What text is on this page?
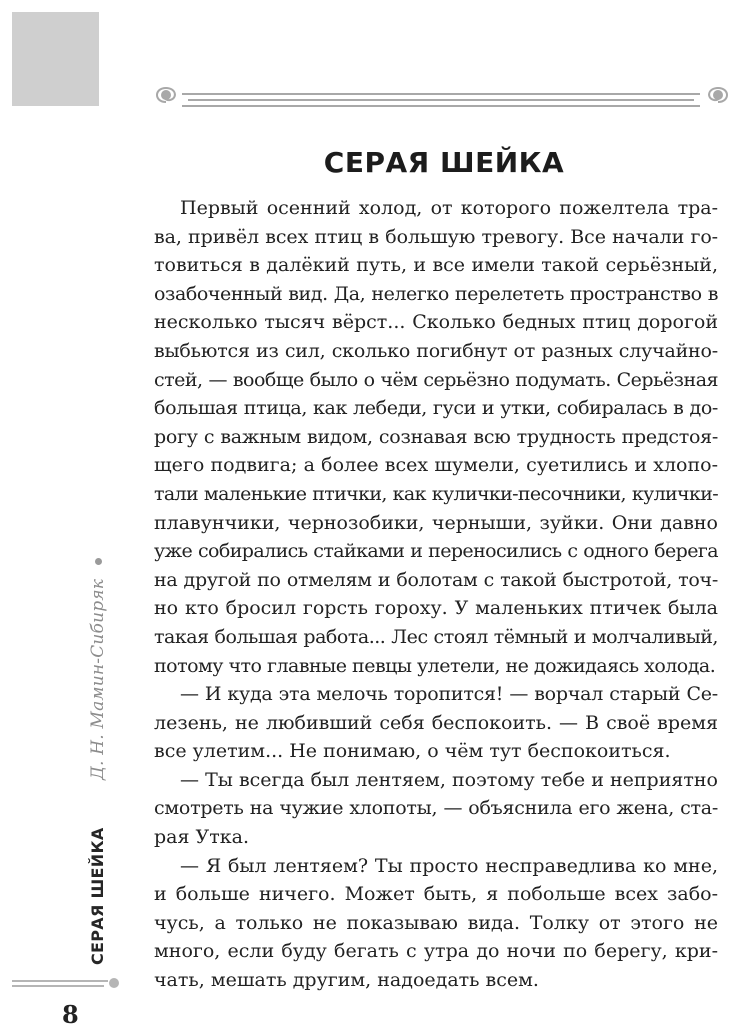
Д. Н. Мамин-Сибиряк
СЕРАЯ ШЕЙКА
8
СЕРАЯ ШЕЙКА
Первый осенний холод, от которого пожелтела тра-
ва, привёл всех птиц в большую тревогу. Все начали го-
товиться в далёкий путь, и все имели такой серьёзный,
озабоченный вид. Да, нелегко перелететь пространство в
несколько тысяч вёрст... Сколько бедных птиц дорогой
выбьются из сил, сколько погибнут от разных случайно-
стей, — вообще было о чём серьёзно подумать. Серьёзная
большая птица, как лебеди, гуси и утки, собиралась в до-
рогу с важным видом, сознавая всю трудность предстоя-
щего подвига; а более всех шумели, суетились и хлопо-
тали маленькие птички, как кулички-песочники, кулички-
плавунчики, чернозобики, черныши, зуйки. Они давно
уже собирались стайками и переносились с одного берега
на другой по отмелям и болотам с такой быстротой, точ-
но кто бросил горсть гороху. У маленьких птичек была
такая большая работа... Лес стоял тёмный и молчаливый,
потому что главные певцы улетели, не дожидаясь холода.
— И куда эта мелочь торопится! — ворчал старый Се-
лезень, не любивший себя беспокоить. — В своё время
все улетим... Не понимаю, о чём тут беспокоиться.
— Ты всегда был лентяем, поэтому тебе и неприятно
смотреть на чужие хлопоты, — объяснила его жена, ста-
рая Утка.
— Я был лентяем? Ты просто несправедлива ко мне,
и больше ничего. Может быть, я побольше всех забо-
чусь, а только не показываю вида. Толку от этого не
много, если буду бегать с утра до ночи по берегу, кри-
чать, мешать другим, надоедать всем.
